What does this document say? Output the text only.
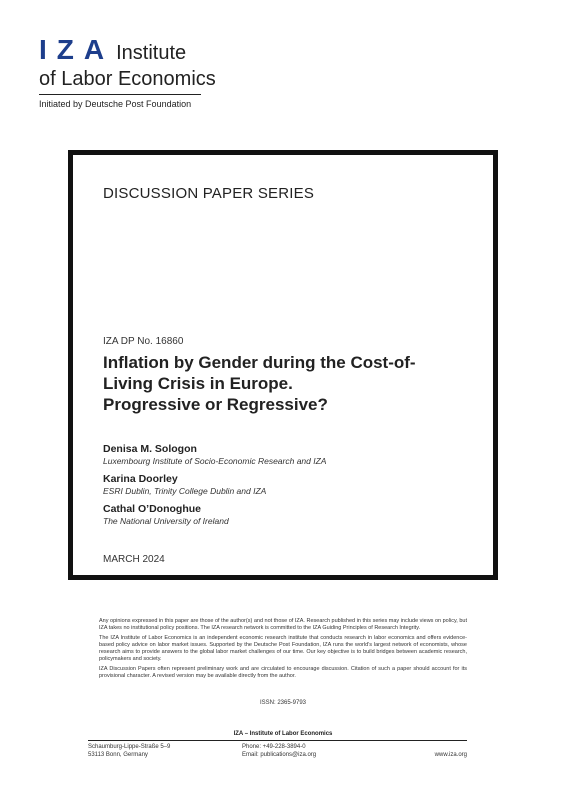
IZA Institute
of Labor Economics
Initiated by Deutsche Post Foundation
DISCUSSION PAPER SERIES
IZA DP No. 16860
Inflation by Gender during the Cost-of-
Living Crisis in Europe.
Progressive or Regressive?
Denisa M. Sologon
Luxembourg Institute of Socio-Economic Research and IZA
Karina Doorley
ESRI Dublin, Trinity College Dublin and IZA
Cathal O’Donoghue
The National University of Ireland
MARCH 2024

Any opinions expressed in this paper are those of the author(s) and not those of IZA. Research published in this series may include views on policy, but IZA takes no institutional policy positions. The IZA research network is committed to the IZA Guiding Principles of Research Integrity.

The IZA Institute of Labor Economics is an independent economic research institute that conducts research in labor economics and offers evidence-based policy advice on labor market issues. Supported by the Deutsche Post Foundation, IZA runs the world’s largest network of economists, whose research aims to provide answers to the global labor market challenges of our time. Our key objective is to build bridges between academic research, policymakers and society.

IZA Discussion Papers often represent preliminary work and are circulated to encourage discussion. Citation of such a paper should account for its provisional character. A revised version may be available directly from the author.

ISSN: 2365-9793
IZA – Institute of Labor Economics
Schaumburg-Lippe-Straße 5–9
53113 Bonn, Germany
Phone: +49-228-3894-0
Email: publications@iza.org	www.iza.org
